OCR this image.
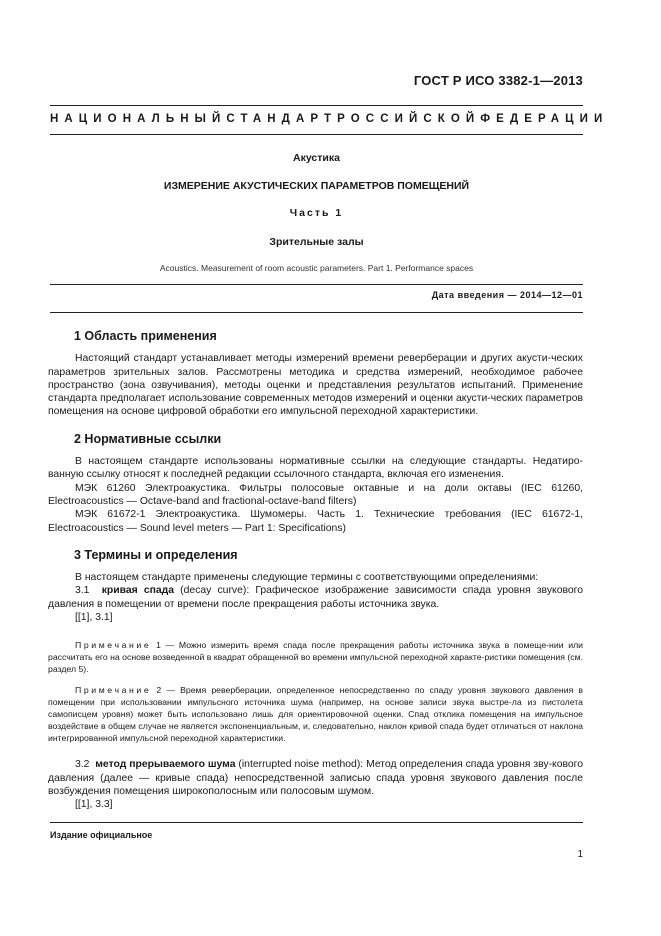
ГОСТ Р ИСО 3382-1—2013
НАЦИОНАЛЬНЫЙ СТАНДАРТ РОССИЙСКОЙ ФЕДЕРАЦИИ
Акустика
ИЗМЕРЕНИЕ АКУСТИЧЕСКИХ ПАРАМЕТРОВ ПОМЕЩЕНИЙ
Часть 1
Зрительные залы
Acoustics. Measurement of room acoustic parameters. Part 1. Performance spaces
Дата введения — 2014—12—01
1 Область применения

Настоящий стандарт устанавливает методы измерений времени реверберации и других акусти-ческих параметров зрительных залов. Рассмотрены методика и средства измерений, необходимое рабочее пространство (зона озвучивания), методы оценки и представления результатов испытаний. Применение стандарта предполагает использование современных методов измерений и оценки акусти-ческих параметров помещения на основе цифровой обработки его импульсной переходной характеристики.

2 Нормативные ссылки

В настоящем стандарте использованы нормативные ссылки на следующие стандарты. Недатиро-ванную ссылку относят к последней редакции ссылочного стандарта, включая его изменения.

МЭК 61260 Электроакустика. Фильтры полосовые октавные и на доли октавы (IEC 61260, Electroacoustics — Octave-band and fractional-octave-band filters)

МЭК 61672-1 Электроакустика. Шумомеры. Часть 1. Технические требования (IEC 61672-1, Electroacoustics — Sound level meters — Part 1: Specifications)

3 Термины и определения

В настоящем стандарте применены следующие термины с соответствующими определениями:

3.1 кривая спада (decay curve): Графическое изображение зависимости спада уровня звукового давления в помещении от времени после прекращения работы источника звука.

[[1], 3.1]

Примечание 1 — Можно измерить время спада после прекращения работы источника звука в помеще-нии или рассчитать его на основе возведенной в квадрат обращенной во времени импульсной переходной характе-ристики помещения (см. раздел 5).

Примечание 2 — Время реверберации, определенное непосредственно по спаду уровня звукового давления в помещении при использовании импульсного источника шума (например, на основе записи звука выстре-ла из пистолета самописцем уровня) может быть использовано лишь для ориентировочной оценки. Спад отклика помещения на импульсное воздействие в общем случае не является экспоненциальным, и, следовательно, наклон кривой спада будет отличаться от наклона интегрированной импульсной переходной характеристики.

3.2 метод прерываемого шума (interrupted noise method): Метод определения спада уровня зву-кового давления (далее — кривые спада) непосредственной записью спада уровня звукового давления после возбуждения помещения широкополосным или полосовым шумом.

[[1], 3.3]

Издание официальное
1
